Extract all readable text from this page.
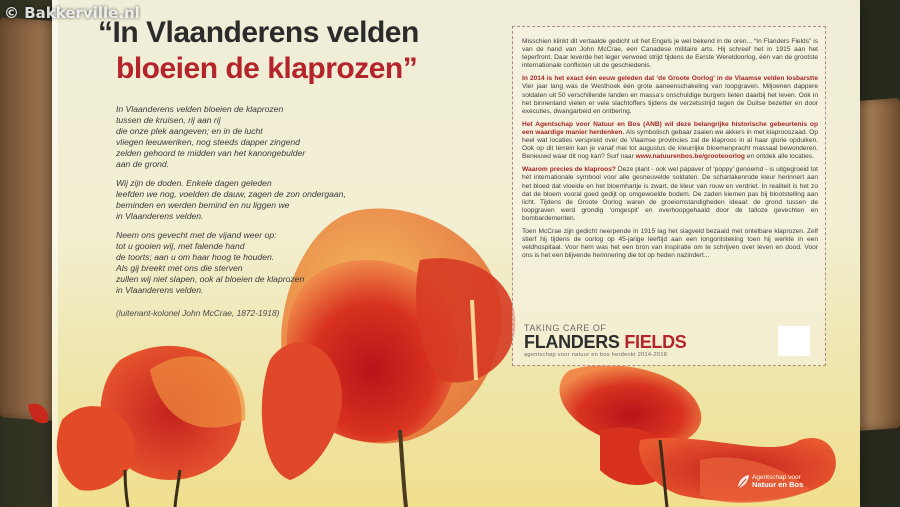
© Bakkerville.nl
“In Vlaanderens velden
bloeien de klaprozen”
In Vlaanderens velden bloeien de klaprozen
tussen de kruisen, rij aan rij
die onze plek aangeven; en in de lucht
vliegen leeuweriken, nog steeds dapper zingend
zelden gehoord te midden van het kanongebulder
aan de grond.
Wij zijn de doden. Enkele dagen geleden
leefden we nog, voelden de dauw, zagen de zon ondergaan,
beminden en werden bemind en nu liggen we
in Vlaanderens velden.
Neem ons gevecht met de vijand weer op:
tot u gooien wij, met falende hand
de toorts; aan u om haar hoog te houden.
Als gij breekt met ons die sterven
zullen wij niet slapen, ook al bloeien de klaprozen
in Vlaanderens velden.
(luitenant-kolonel John McCrae, 1872-1918)

Misschien klinkt dit vertaalde gedicht uit het Engels je wel bekend in de oren... “In Flanders Fields” is van de hand van John McCrae, een Canadese militaire arts. Hij schreef het in 1915 aan het Ieperfront. Daar leverde het leger verwoed strijd tijdens de Eerste Wereldoorlog, één van de grootste internationale conflicten uit de geschiedenis.

In 2014 is het exact één eeuw geleden dat ‘de Groote Oorlog’ in de Vlaamse velden losbarstte Vier jaar lang was de Westhoek één grote aaneenschakeling van loopgraven. Miljoenen dappere soldaten uit 50 verschillende landen en massa’s onschuldige burgers lieten daarbij het leven. Ook in het binnenland vielen er vele slachtoffers tijdens de verzetsstrijd tegen de Duitse bezetter en door executies, dwangarbeid en ontbering.

Het Agentschap voor Natuur en Bos (ANB) wil deze belangrijke historische gebeurtenis op een waardige manier herdenken. Als symbolisch gebaar zaaien we akkers in met klaprooszaad. Op heel wat locaties verspreid over de Vlaamse provincies zal de klaproos in al haar glorie opduiken. Ook op dit terrein kan je vanaf mei tot augustus de kleurrijke bloemenpracht massaal bewonderen. Benieuwd waar dit nog kan? Surf naar www.natuurenbos.be/grooteoorlog en ontdek alle locaties.

Waarom precies de klaproos? Deze plant - ook wel papaver of ‘poppy’ genoemd - is uitgegroeid tot hét internationale symbool voor alle gesneuvelde soldaten. De scharlakenrode kleur herinnert aan het bloed dat vloeide en het bloemhartje is zwart, de kleur van rouw en verdriet. In realiteit is het zo dat de bloem vooral goed gedijt op omgewoelde bodem. De zaden kiemen pas bij blootstelling aan licht. Tijdens de Groote Oorlog waren de groeiomstandigheden ideaal: de grond tussen de loopgraven werd grondig ‘omgespit’ en overhoopgehaald door de talloze gevechten en bombardementen.

Toen McCrae zijn gedicht neerpende in 1915 lag het slagveld bezaaid met ontelbare klaprozen. Zelf stierf hij tijdens de oorlog op 45-jarige leeftijd aan een longontsteking toen hij werkte in een veldhospitaal. Voor hem was het een bron van inspiratie om te schrijven over leven en dood. Voor ons is het een blijvende herinnering die tot op heden nazindert...

TAKING CARE OF
FLANDERS FIELDS
agentschap voor natuur en bos herdenkt 2014-2018
Agentschap voor
Natuur en Bos
